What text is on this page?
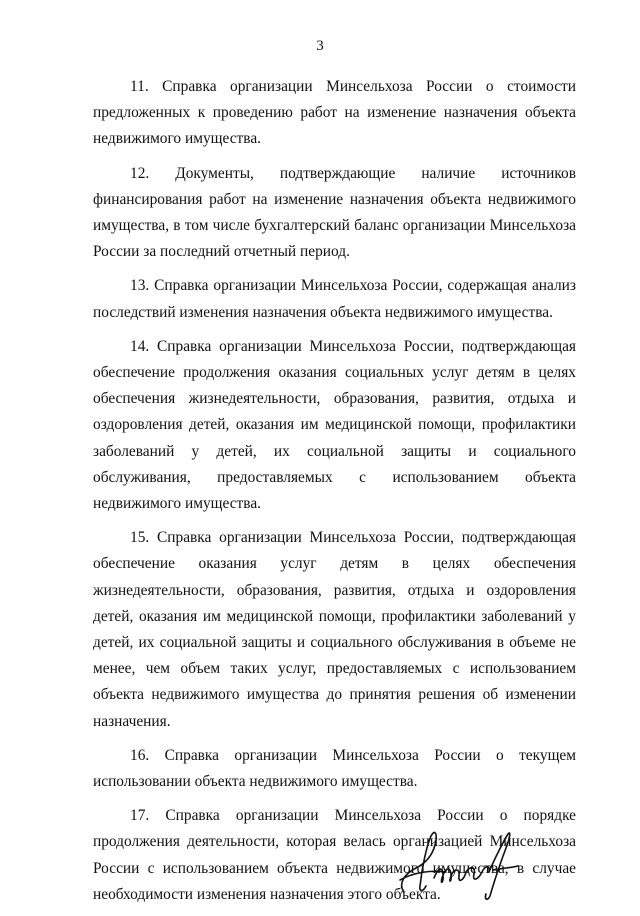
3

11. Справка организации Минсельхоза России о стоимости предложенных к проведению работ на изменение назначения объекта недвижимого имущества.

12. Документы, подтверждающие наличие источников финансирования работ на изменение назначения объекта недвижимого имущества, в том числе бухгалтерский баланс организации Минсельхоза России за последний отчетный период.

13. Справка организации Минсельхоза России, содержащая анализ последствий изменения назначения объекта недвижимого имущества.

14. Справка организации Минсельхоза России, подтверждающая обеспечение продолжения оказания социальных услуг детям в целях обеспечения жизнедеятельности, образования, развития, отдыха и оздоровления детей, оказания им медицинской помощи, профилактики заболеваний у детей, их социальной защиты и социального обслуживания, предоставляемых с использованием объекта недвижимого имущества.

15. Справка организации Минсельхоза России, подтверждающая обеспечение оказания услуг детям в целях обеспечения жизнедеятельности, образования, развития, отдыха и оздоровления детей, оказания им медицинской помощи, профилактики заболеваний у детей, их социальной защиты и социального обслуживания в объеме не менее, чем объем таких услуг, предоставляемых с использованием объекта недвижимого имущества до принятия решения об изменении назначения.

16. Справка организации Минсельхоза России о текущем использовании объекта недвижимого имущества.

17. Справка организации Минсельхоза России о порядке продолжения деятельности, которая велась организацией Минсельхоза России с использованием объекта недвижимого имущества, в случае необходимости изменения назначения этого объекта.
